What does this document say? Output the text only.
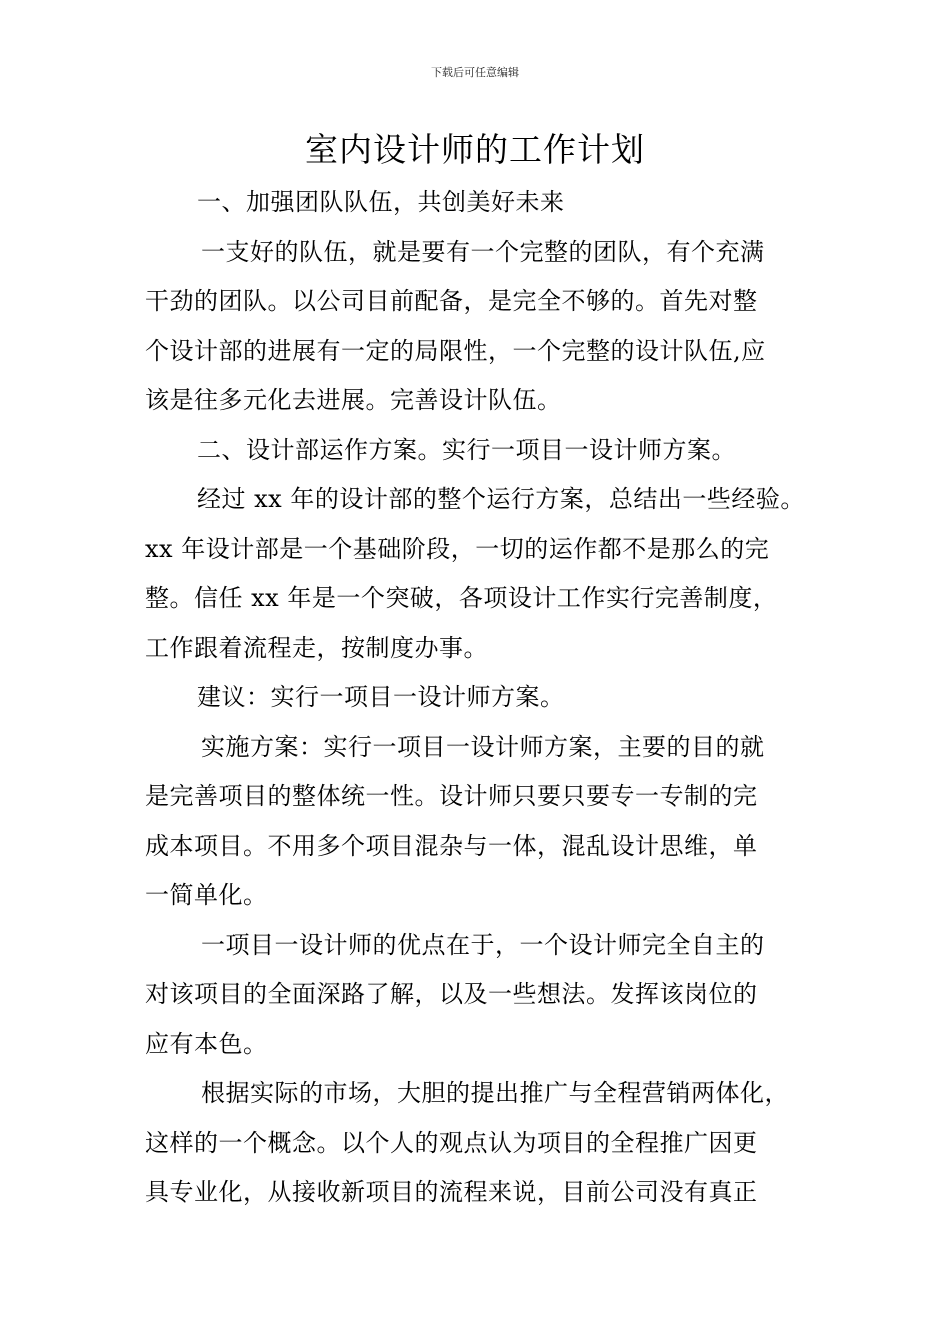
下载后可任意编辑
室内设计师的工作计划
一、加强团队队伍，共创美好未来
一支好的队伍，就是要有一个完整的团队，有个充满
干劲的团队。以公司目前配备，是完全不够的。首先对整
个设计部的进展有一定的局限性，一个完整的设计队伍,应
该是往多元化去进展。完善设计队伍。
二、设计部运作方案。实行一项目一设计师方案。
经过 xx 年的设计部的整个运行方案，总结出一些经验。
xx 年设计部是一个基础阶段，一切的运作都不是那么的完
整。信任 xx 年是一个突破，各项设计工作实行完善制度，
工作跟着流程走，按制度办事。
建议：实行一项目一设计师方案。
实施方案：实行一项目一设计师方案，主要的目的就
是完善项目的整体统一性。设计师只要只要专一专制的完
成本项目。不用多个项目混杂与一体，混乱设计思维，单
一简单化。
一项目一设计师的优点在于，一个设计师完全自主的
对该项目的全面深路了解，以及一些想法。发挥该岗位的
应有本色。
根据实际的市场，大胆的提出推广与全程营销两体化，
这样的一个概念。以个人的观点认为项目的全程推广因更
具专业化，从接收新项目的流程来说，目前公司没有真正
